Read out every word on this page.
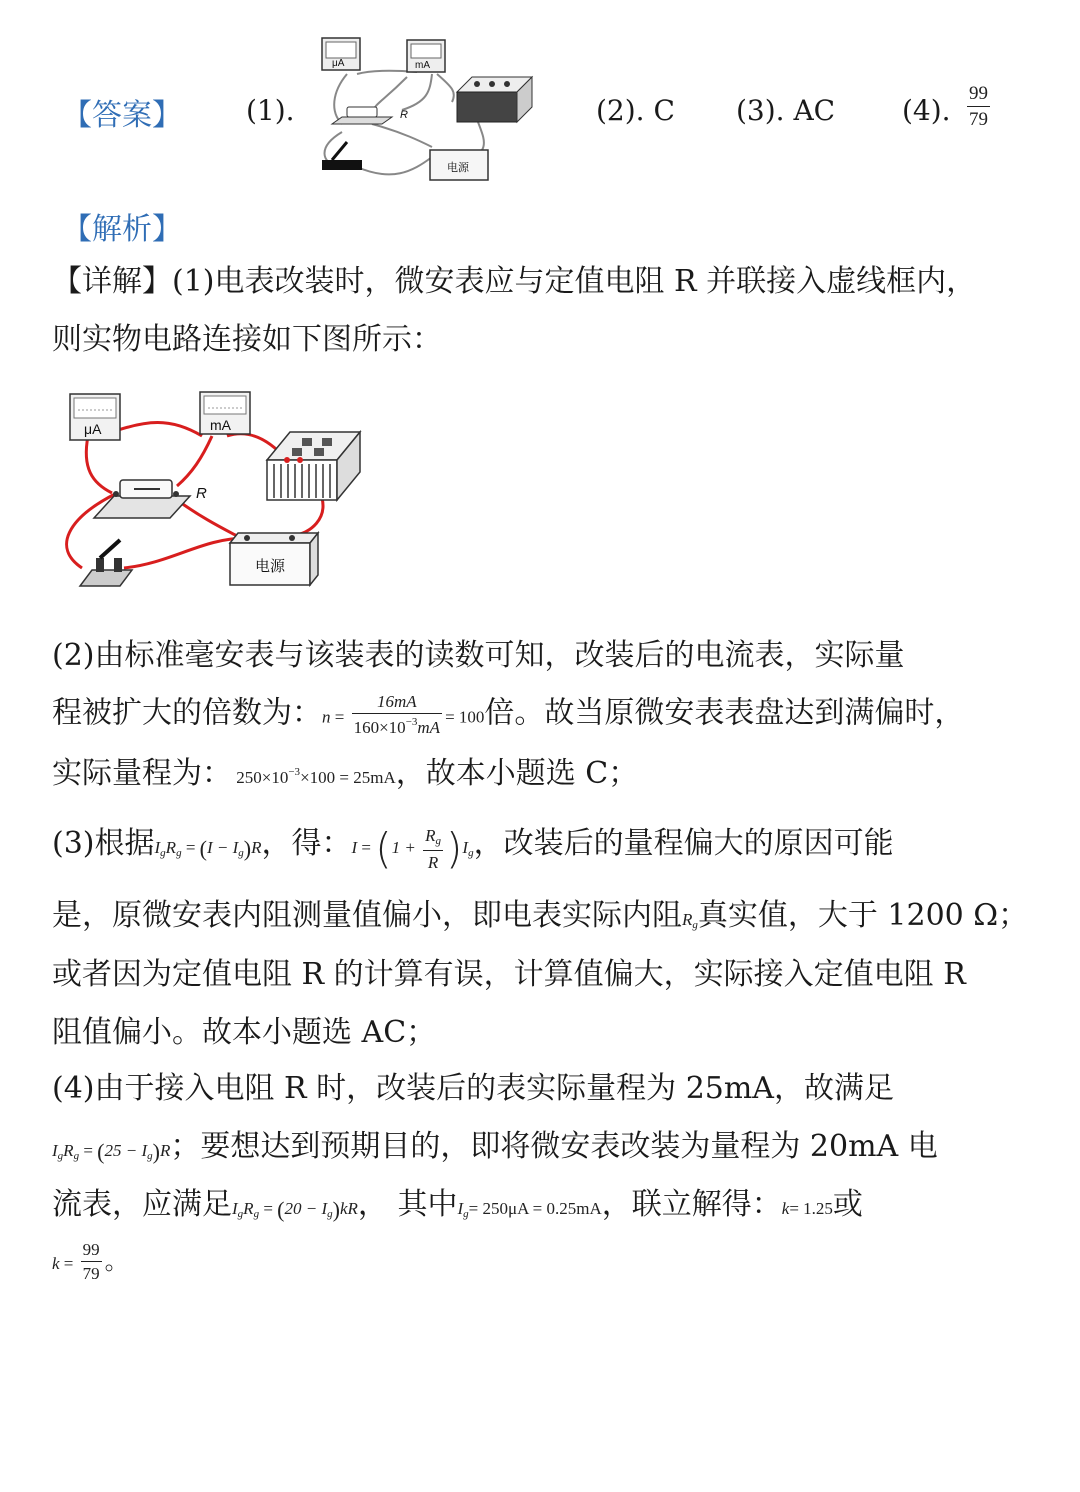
【答案】 (1).
μA	mA
R
电源
(2). C (3). AC (4). $\frac{99}{79}$
【解析】
【详解】(1)电表改装时，微安表应与定值电阻 R 并联接入虚线框内，
则实物电路连接如下图所示：
μA	mA
R
电源
(2)由标准毫安表与该装表的读数可知，改装后的电流表，实际量
程被扩大的倍数为：$n = \frac{16mA}{160\times 10^{-3}mA} = 100$倍。故当原微安表表盘达到满偏时，
实际量程为： $250\times 10^{-3}\times 100 = 25mA$，故本小题选 C；
(3)根据$I_gR_g = (I - I_g)R$，得：$I = (1 + \frac{R_g}{R} )I_g$，改装后的量程偏大的原因可能
是，原微安表内阻测量值偏小，即电表实际内阻$R_g$真实值，大于 1200 Ω；
或者因为定值电阻 R 的计算有误，计算值偏大，实际接入定值电阻 R
阻值偏小。故本小题选 AC；
(4)由于接入电阻 R 时，改装后的表实际量程为 25mA，故满足
$I_gR_g = (25 - I_g)R$；要想达到预期目的，即将微安表改装为量程为 20mA 电
流表，应满足$I_gR_g = (20 - I_g)kR$， 其中$I_g= 250\mu A = 0.25mA$，联立解得：k= 1.25或
$k = \frac{99}{79}$ 。
